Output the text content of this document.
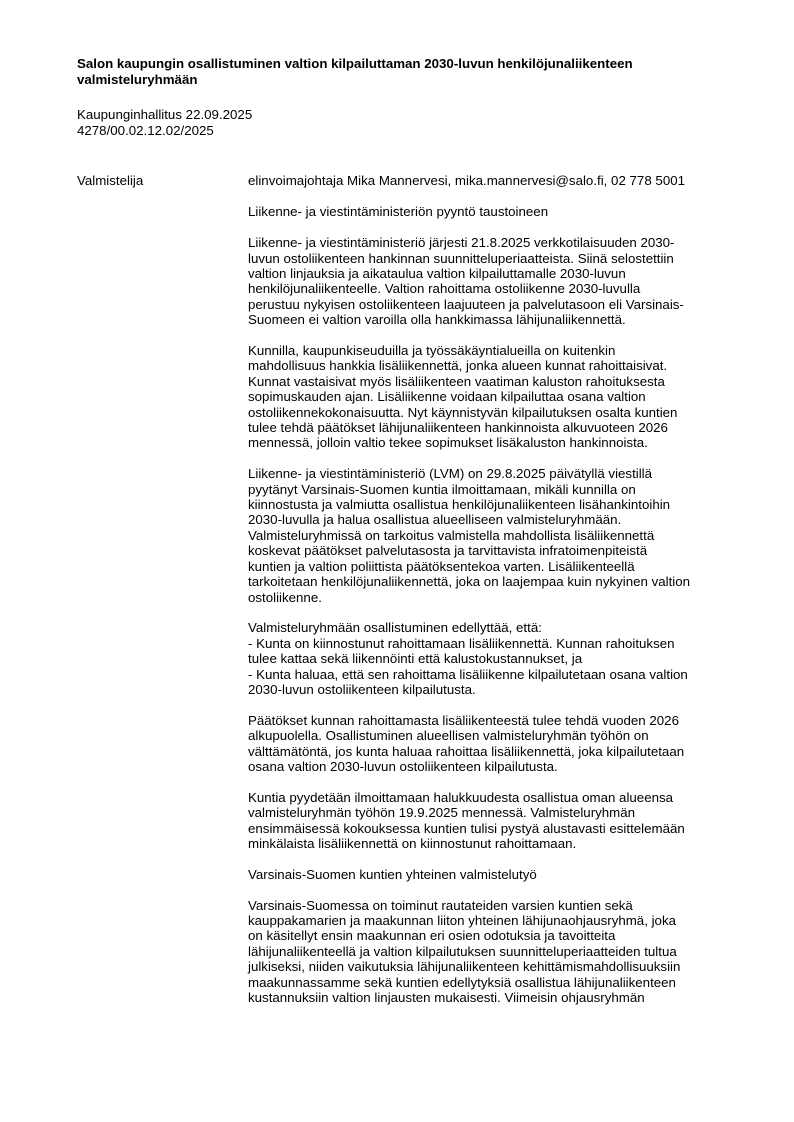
Salon kaupungin osallistuminen valtion kilpailuttaman 2030-luvun henkilöjunaliikenteen valmisteluryhmään
Kaupunginhallitus 22.09.2025
4278/00.02.12.02/2025
Valmistelija	elinvoimajohtaja Mika Mannervesi, mika.mannervesi@salo.fi, 02 778 5001

Liikenne- ja viestintäministeriön pyyntö taustoineen

Liikenne- ja viestintäministeriö järjesti 21.8.2025 verkkotilaisuuden 2030-
luvun ostoliikenteen hankinnan suunnitteluperiaatteista. Siinä selostettiin
valtion linjauksia ja aikataulua valtion kilpailuttamalle 2030-luvun
henkilöjunaliikenteelle. Valtion rahoittama ostoliikenne 2030-luvulla
perustuu nykyisen ostoliikenteen laajuuteen ja palvelutasoon eli Varsinais-
Suomeen ei valtion varoilla olla hankkimassa lähijunaliikennettä.

Kunnilla, kaupunkiseuduilla ja työssäkäyntialueilla on kuitenkin
mahdollisuus hankkia lisäliikennettä, jonka alueen kunnat rahoittaisivat.
Kunnat vastaisivat myös lisäliikenteen vaatiman kaluston rahoituksesta
sopimuskauden ajan. Lisäliikenne voidaan kilpailuttaa osana valtion
ostoliikennekokonaisuutta. Nyt käynnistyvän kilpailutuksen osalta kuntien
tulee tehdä päätökset lähijunaliikenteen hankinnoista alkuvuoteen 2026
mennessä, jolloin valtio tekee sopimukset lisäkaluston hankinnoista.

Liikenne- ja viestintäministeriö (LVM) on 29.8.2025 päivätyllä viestillä
pyytänyt Varsinais-Suomen kuntia ilmoittamaan, mikäli kunnilla on
kiinnostusta ja valmiutta osallistua henkilöjunaliikenteen lisähankintoihin
2030-luvulla ja halua osallistua alueelliseen valmisteluryhmään.
Valmisteluryhmissä on tarkoitus valmistella mahdollista lisäliikennettä
koskevat päätökset palvelutasosta ja tarvittavista infratoimenpiteistä
kuntien ja valtion poliittista päätöksentekoa varten. Lisäliikenteellä
tarkoitetaan henkilöjunaliikennettä, joka on laajempaa kuin nykyinen valtion
ostoliikenne.

Valmisteluryhmään osallistuminen edellyttää, että:
- Kunta on kiinnostunut rahoittamaan lisäliikennettä. Kunnan rahoituksen
tulee kattaa sekä liikennöinti että kalustokustannukset, ja
- Kunta haluaa, että sen rahoittama lisäliikenne kilpailutetaan osana valtion
2030-luvun ostoliikenteen kilpailutusta.

Päätökset kunnan rahoittamasta lisäliikenteestä tulee tehdä vuoden 2026
alkupuolella. Osallistuminen alueellisen valmisteluryhmän työhön on
välttämätöntä, jos kunta haluaa rahoittaa lisäliikennettä, joka kilpailutetaan
osana valtion 2030-luvun ostoliikenteen kilpailutusta.

Kuntia pyydetään ilmoittamaan halukkuudesta osallistua oman alueensa
valmisteluryhmän työhön 19.9.2025 mennessä. Valmisteluryhmän
ensimmäisessä kokouksessa kuntien tulisi pystyä alustavasti esittelemään
minkälaista lisäliikennettä on kiinnostunut rahoittamaan.

Varsinais-Suomen kuntien yhteinen valmistelutyö

Varsinais-Suomessa on toiminut rautateiden varsien kuntien sekä
kauppakamarien ja maakunnan liiton yhteinen lähijunaohjausryhmä, joka
on käsitellyt ensin maakunnan eri osien odotuksia ja tavoitteita
lähijunaliikenteellä ja valtion kilpailutuksen suunnitteluperiaatteiden tultua
julkiseksi, niiden vaikutuksia lähijunaliikenteen kehittämismahdollisuuksiin
maakunnassamme sekä kuntien edellytyksiä osallistua lähijunaliikenteen
kustannuksiin valtion linjausten mukaisesti. Viimeisin ohjausryhmän
